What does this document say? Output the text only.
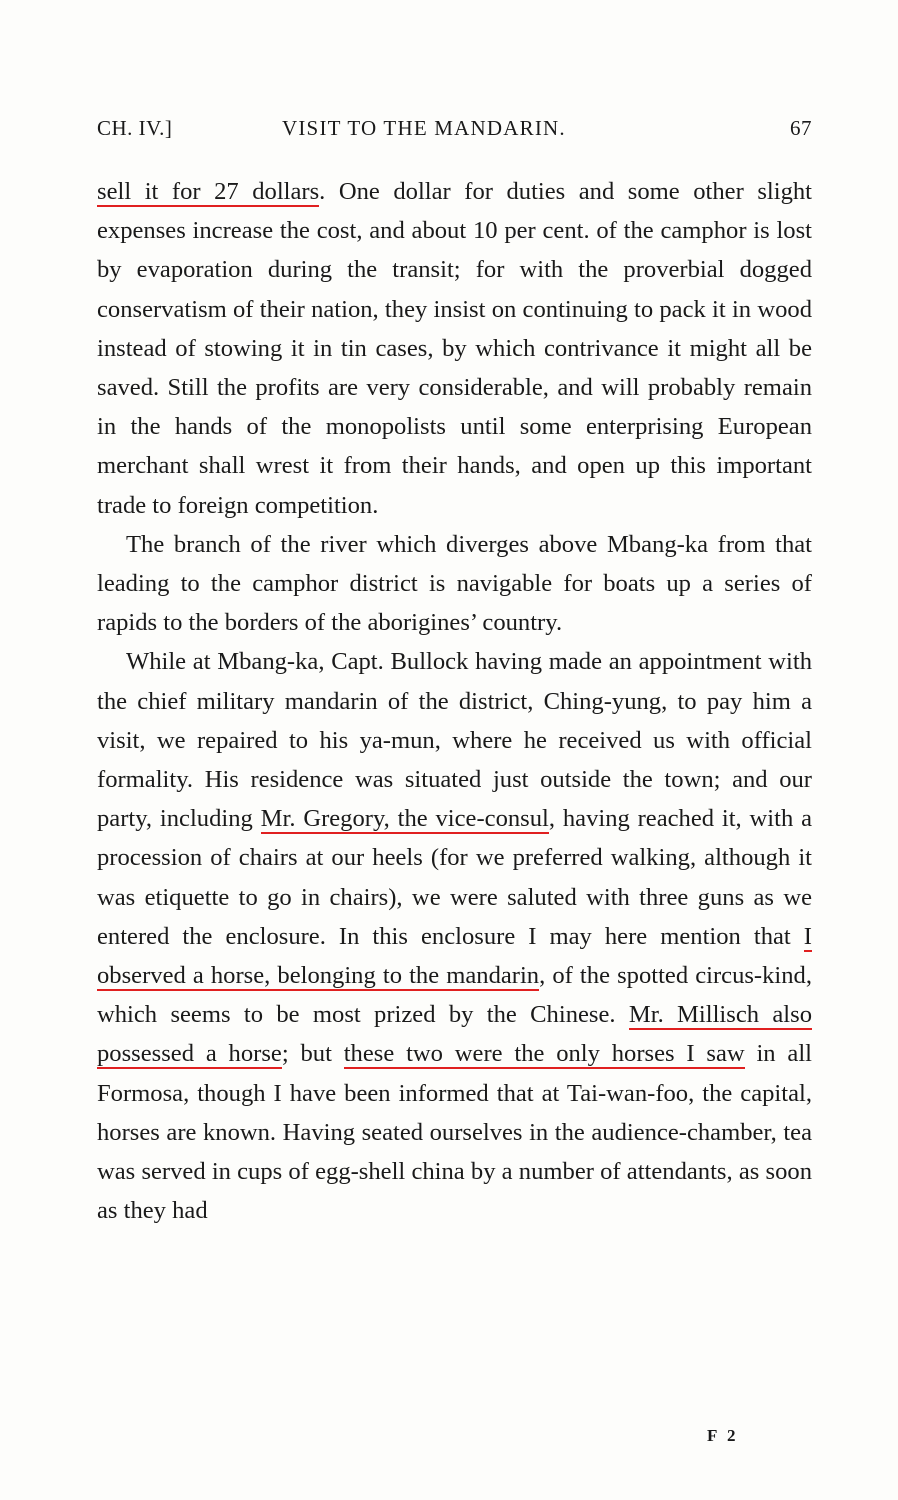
CH. IV.]	VISIT TO THE MANDARIN.	67

sell it for 27 dollars. One dollar for duties and some other slight expenses increase the cost, and about 10 per cent. of the camphor is lost by evaporation during the transit; for with the proverbial dogged conservatism of their nation, they insist on continuing to pack it in wood instead of stowing it in tin cases, by which contrivance it might all be saved. Still the profits are very considerable, and will probably remain in the hands of the monopolists until some enterprising European merchant shall wrest it from their hands, and open up this important trade to foreign competition.

The branch of the river which diverges above Mbang-ka from that leading to the camphor district is navigable for boats up a series of rapids to the borders of the aborigines’ country.

While at Mbang-ka, Capt. Bullock having made an appointment with the chief military mandarin of the district, Ching-yung, to pay him a visit, we repaired to his ya-mun, where he received us with official formality. His residence was situated just outside the town; and our party, including Mr. Gregory, the vice-consul, having reached it, with a procession of chairs at our heels (for we preferred walking, although it was etiquette to go in chairs), we were saluted with three guns as we entered the enclosure. In this enclosure I may here mention that I observed a horse, belonging to the mandarin, of the spotted circus-kind, which seems to be most prized by the Chinese. Mr. Millisch also possessed a horse; but these two were the only horses I saw in all Formosa, though I have been informed that at Tai-wan-foo, the capital, horses are known. Having seated ourselves in the audience-chamber, tea was served in cups of egg-shell china by a number of attendants, as soon as they had

F 2
